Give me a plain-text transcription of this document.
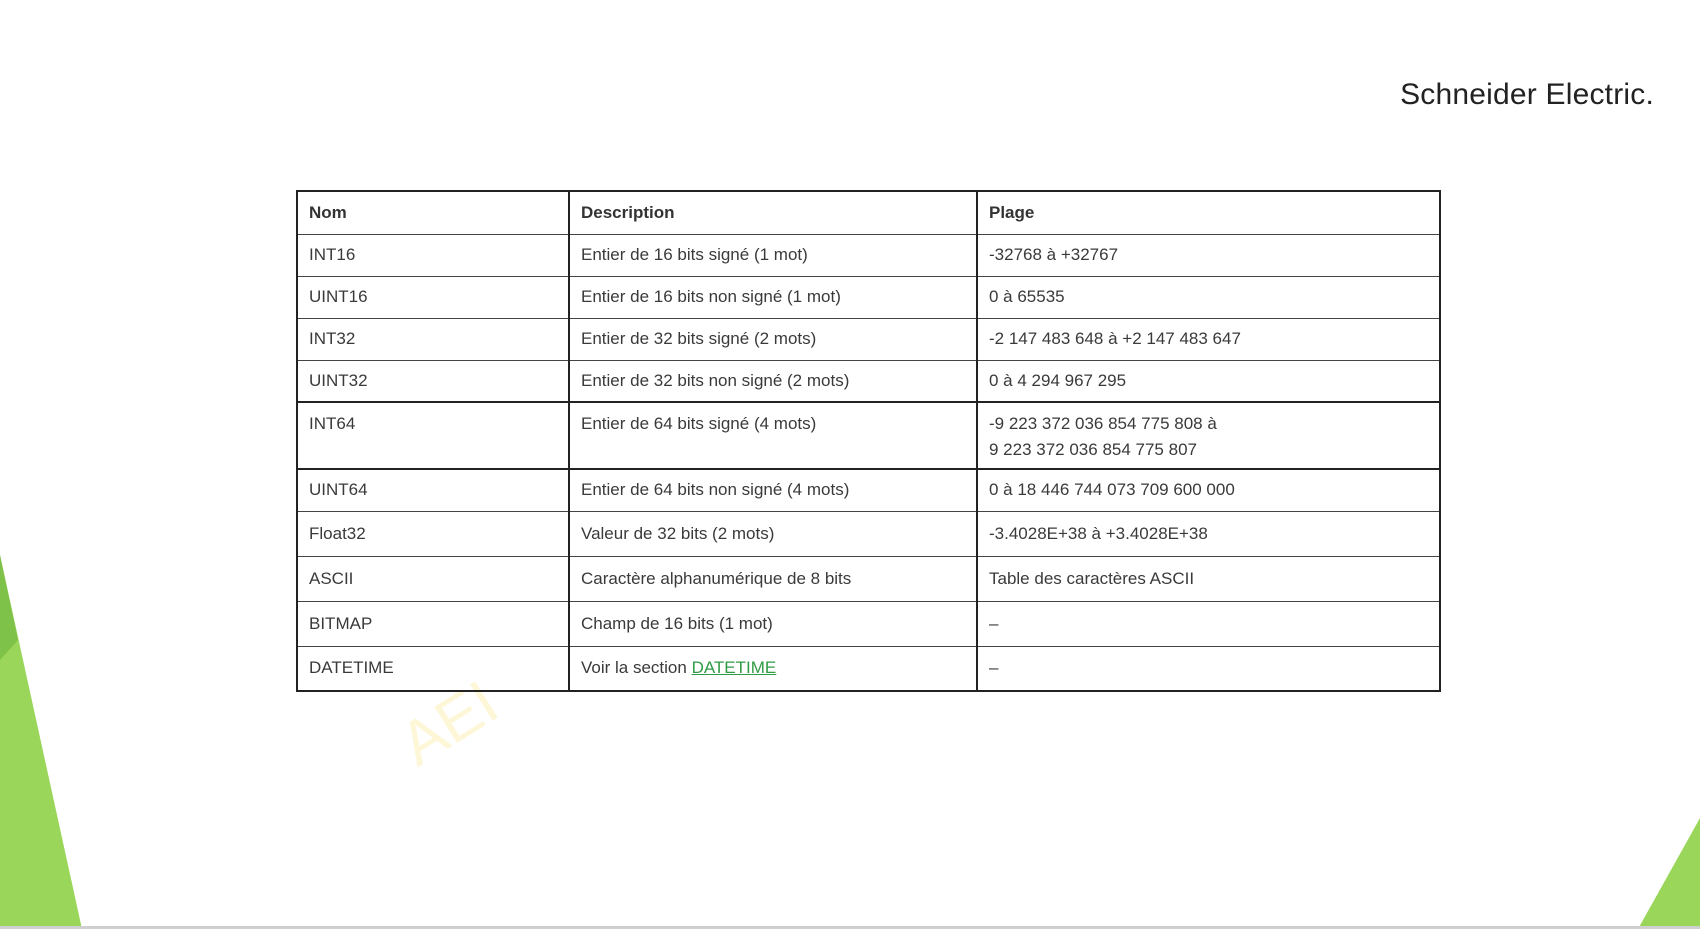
Schneider Electric.
AEI
Nom	Description	Plage
INT16	Entier de 16 bits signé (1 mot)	-32768 à +32767
UINT16	Entier de 16 bits non signé (1 mot)	0 à 65535
INT32	Entier de 32 bits signé (2 mots)	-2 147 483 648 à +2 147 483 647
UINT32	Entier de 32 bits non signé (2 mots)	0 à 4 294 967 295
INT64	Entier de 64 bits signé (4 mots)	-9 223 372 036 854 775 808 à
9 223 372 036 854 775 807

UINT64	Entier de 64 bits non signé (4 mots)	0 à 18 446 744 073 709 600 000
Float32	Valeur de 32 bits (2 mots)	-3.4028E+38 à +3.4028E+38
ASCII	Caractère alphanumérique de 8 bits	Table des caractères ASCII
BITMAP	Champ de 16 bits (1 mot)	–
DATETIME	Voir la section DATETIME	–
